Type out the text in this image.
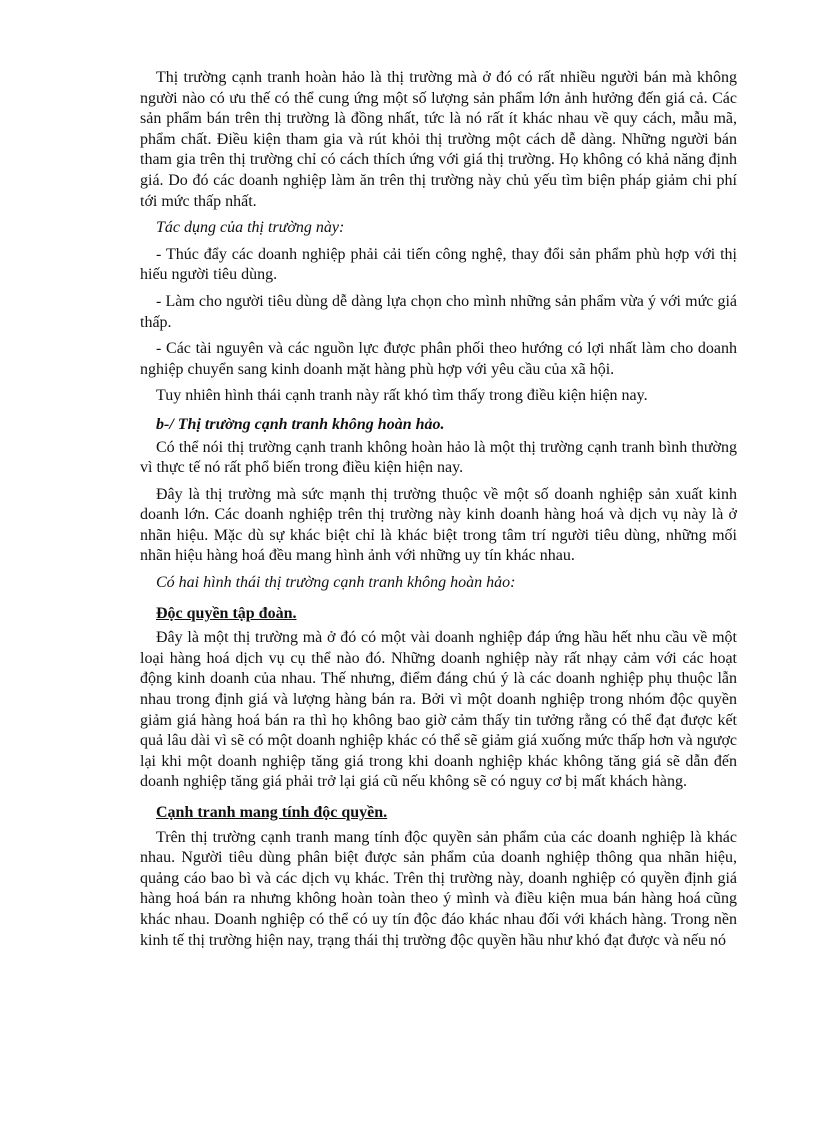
Thị trường cạnh tranh hoàn hảo là thị trường mà ở đó có rất nhiều người bán mà không người nào có ưu thế có thể cung ứng một số lượng sản phẩm lớn ảnh hưởng đến giá cả. Các sản phẩm bán trên thị trường là đồng nhất, tức là nó rất ít khác nhau về quy cách, mẫu mã, phẩm chất. Điều kiện tham gia và rút khỏi thị trường một cách dễ dàng. Những người bán tham gia trên thị trường chỉ có cách thích ứng với giá thị trường. Họ không có khả năng định giá. Do đó các doanh nghiệp làm ăn trên thị trường này chủ yếu tìm biện pháp giảm chi phí tới mức thấp nhất.

Tác dụng của thị trường này:

- Thúc đẩy các doanh nghiệp phải cải tiến công nghệ, thay đổi sản phẩm phù hợp với thị hiếu người tiêu dùng.

- Làm cho người tiêu dùng dễ dàng lựa chọn cho mình những sản phẩm vừa ý với mức giá thấp.

- Các tài nguyên và các nguồn lực được phân phối theo hướng có lợi nhất làm cho doanh nghiệp chuyển sang kinh doanh mặt hàng phù hợp với yêu cầu của xã hội.

Tuy nhiên hình thái cạnh tranh này rất khó tìm thấy trong điều kiện hiện nay.

b-/ Thị trường cạnh tranh không hoàn hảo.

Có thể nói thị trường cạnh tranh không hoàn hảo là một thị trường cạnh tranh bình thường vì thực tế nó rất phổ biến trong điều kiện hiện nay.

Đây là thị trường mà sức mạnh thị trường thuộc về một số doanh nghiệp sản xuất kinh doanh lớn. Các doanh nghiệp trên thị trường này kinh doanh hàng hoá và dịch vụ này là ở nhãn hiệu. Mặc dù sự khác biệt chỉ là khác biệt trong tâm trí người tiêu dùng, những mối nhãn hiệu hàng hoá đều mang hình ảnh với những uy tín khác nhau.

Có hai hình thái thị trường cạnh tranh không hoàn hảo:

Độc quyền tập đoàn.

Đây là một thị trường mà ở đó có một vài doanh nghiệp đáp ứng hầu hết nhu cầu về một loại hàng hoá dịch vụ cụ thể nào đó. Những doanh nghiệp này rất nhạy cảm với các hoạt động kinh doanh của nhau. Thế nhưng, điểm đáng chú ý là các doanh nghiệp phụ thuộc lẫn nhau trong định giá và lượng hàng bán ra. Bởi vì một doanh nghiệp trong nhóm độc quyền giảm giá hàng hoá bán ra thì họ không bao giờ cảm thấy tin tưởng rằng có thể đạt được kết quả lâu dài vì sẽ có một doanh nghiệp khác có thể sẽ giảm giá xuống mức thấp hơn và ngược lại khi một doanh nghiệp tăng giá trong khi doanh nghiệp khác không tăng giá sẽ dẫn đến doanh nghiệp tăng giá phải trở lại giá cũ nếu không sẽ có nguy cơ bị mất khách hàng.

Cạnh tranh mang tính độc quyền.

Trên thị trường cạnh tranh mang tính độc quyền sản phẩm của các doanh nghiệp là khác nhau. Người tiêu dùng phân biệt được sản phẩm của doanh nghiệp thông qua nhãn hiệu, quảng cáo bao bì và các dịch vụ khác. Trên thị trường này, doanh nghiệp có quyền định giá hàng hoá bán ra nhưng không hoàn toàn theo ý mình và điều kiện mua bán hàng hoá cũng khác nhau. Doanh nghiệp có thể có uy tín độc đáo khác nhau đối với khách hàng. Trong nền kinh tế thị trường hiện nay, trạng thái thị trường độc quyền hầu như khó đạt được và nếu nó
